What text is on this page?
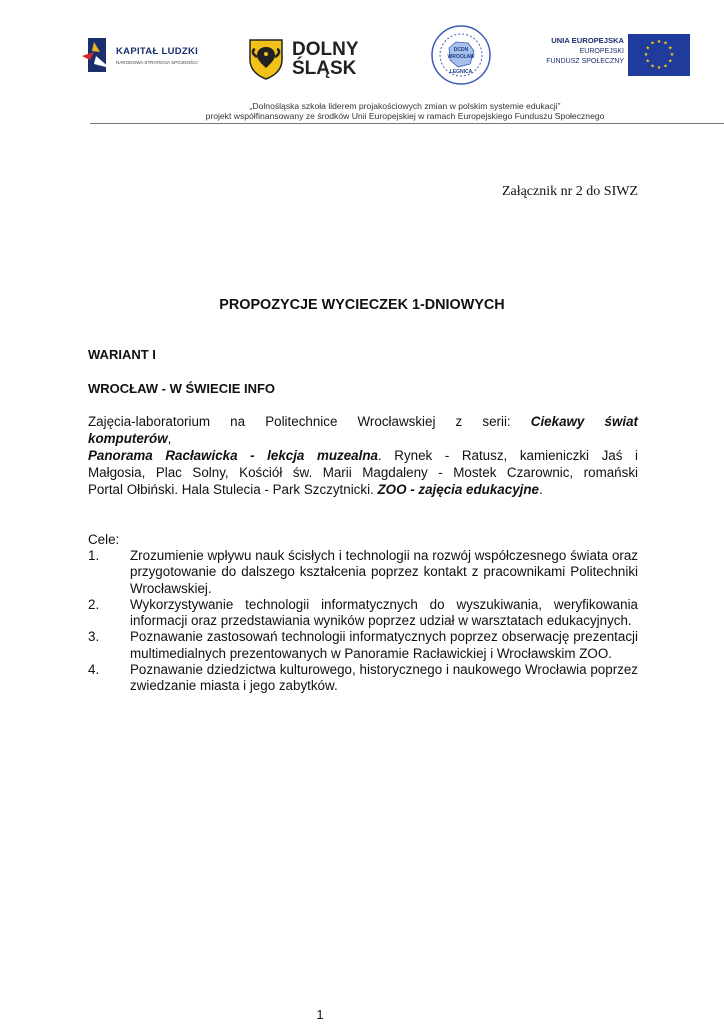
KAPITAŁ LUDZKI
NARODOWA STRATEGIA SPÓJNOŚCI
DOLNY
ŚLĄSK
DCDN
WROCŁAW
LEGNICA
UNIA EUROPEJSKA
EUROPEJSKI
FUNDUSZ SPOŁECZNY
★ ★
★
★
★
★
★
★
★
★
★
★
„Dolnośląska szkoła liderem projakościowych zmian w polskim systemie edukacji”
projekt współfinansowany ze środków Unii Europejskiej w ramach Europejskiego Funduszu Społecznego
Załącznik nr 2 do SIWZ
PROPOZYCJE WYCIECZEK 1-DNIOWYCH
WARIANT I
WROCŁAW - W ŚWIECIE INFO
Zajęcia-laboratorium na Politechnice Wrocławskiej z serii: Ciekawy świat
komputerów,
Panorama Racławicka - lekcja muzealna. Rynek - Ratusz, kamieniczki Jaś i
Małgosia, Plac Solny, Kościół św. Marii Magdaleny - Mostek Czarownic, romański
Portal Ołbiński. Hala Stulecia - Park Szczytnicki. ZOO - zajęcia edukacyjne.
Cele:
1.	Zrozumienie wpływu nauk ścisłych i technologii na rozwój współczesnego świata oraz przygotowanie do dalszego kształcenia poprzez kontakt z pracownikami Politechniki Wrocławskiej.
2.	Wykorzystywanie technologii informatycznych do wyszukiwania, weryfikowania informacji oraz przedstawiania wyników poprzez udział w warsztatach edukacyjnych.
3.	Poznawanie zastosowań technologii informatycznych poprzez obserwację prezentacji multimedialnych prezentowanych w Panoramie Racławickiej i Wrocławskim ZOO.
4.	Poznawanie dziedzictwa kulturowego, historycznego i naukowego Wrocławia poprzez zwiedzanie miasta i jego zabytków.
1
